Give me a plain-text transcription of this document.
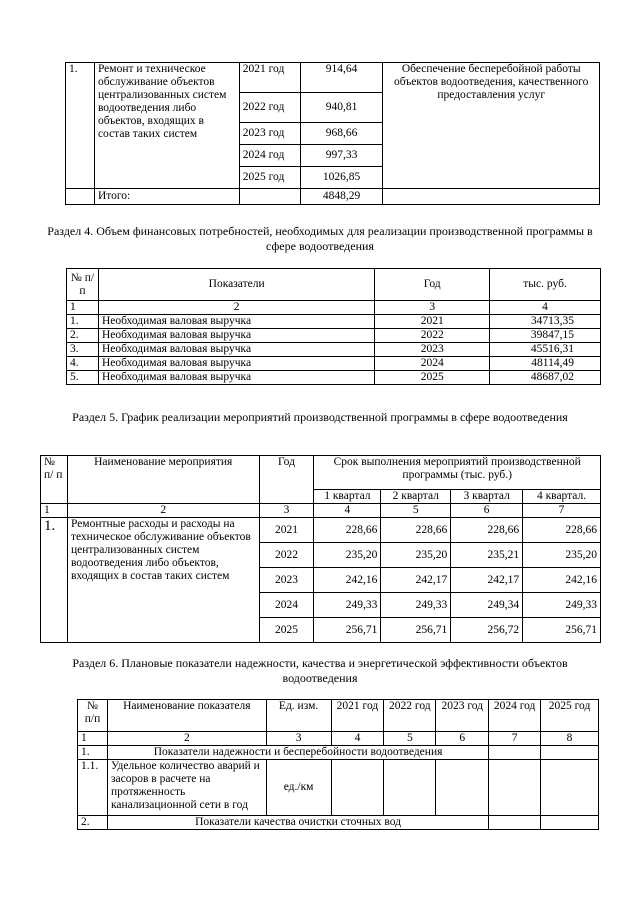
1.	Ремонт и техническое обслуживание объектов централизованных систем водоотведения либо объектов, входящих в состав таких систем	2021 год	914,64	Обеспечение бесперебойной работы объектов водоотведения, качественного предоставления услуг
		2022 год	940,81	
		2023 год	968,66	
		2024 год	997,33	
		2025 год	1026,85	
	Итого:		4848,29	
Раздел 4. Объем финансовых потребностей, необходимых для реализации производственной программы в сфере водоотведения
№ п/п	Показатели	Год	тыс. руб.
1	2	3	4
1.	Необходимая валовая выручка	2021	34713,35
2.	Необходимая валовая выручка	2022	39847,15
3.	Необходимая валовая выручка	2023	45516,31
4.	Необходимая валовая выручка	2024	48114,49
5.	Необходимая валовая выручка	2025	48687,02
Раздел 5. График реализации мероприятий производственной программы в сфере водоотведения
№ п/ п	Наименование мероприятия	Год	Срок выполнения мероприятий производственной программы (тыс. руб.)			
			1 квартал	2 квартал	3 квартал	4 квартал.
1	2	3	4	5	6	7
1.	Ремонтные расходы и расходы на техническое обслуживание объектов централизованных систем водоотведения либо объектов, входящих в состав таких систем	2021	228,66	228,66	228,66	228,66
		2022	235,20	235,20	235,21	235,20
		2023	242,16	242,17	242,17	242,16
		2024	249,33	249,33	249,34	249,33
		2025	256,71	256,71	256,72	256,71
Раздел 6. Плановые показатели надежности, качества и энергетической эффективности объектов водоотведения
№ п/п	Наименование показателя	Ед. изм.	2021 год	2022 год	2023 год	2024 год	2025 год
1	2	3	4	5	6	7	8
1.	Показатели надежности и бесперебойности водоотведения						
1.1.	Удельное количество аварий и засоров в расчете на протяженность канализационной сети в год	ед./км					
2.	Показатели качества очистки сточных вод						
